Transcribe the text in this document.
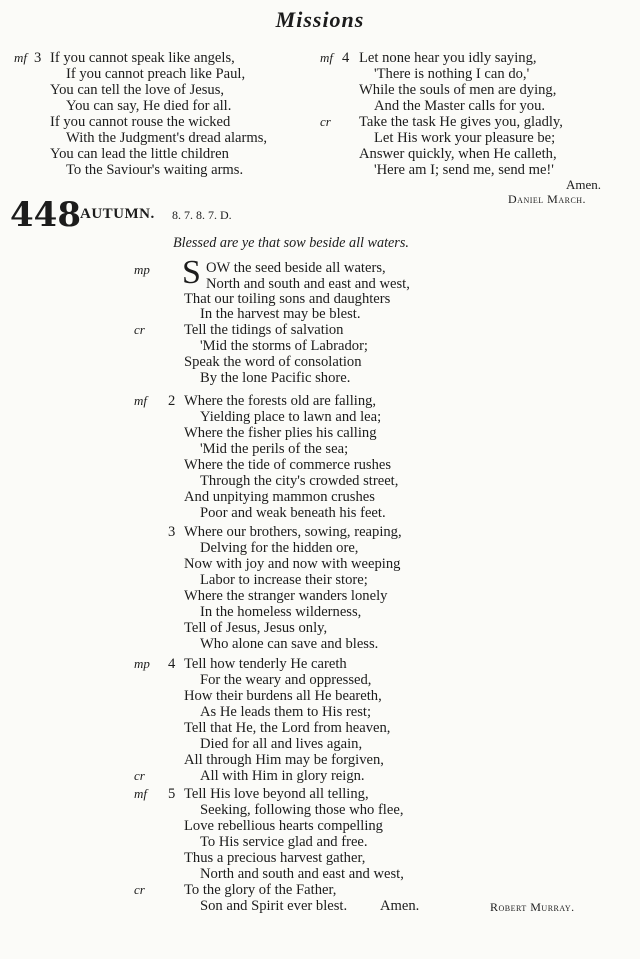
Missions
mf 3 If you cannot speak like angels,
If you cannot preach like Paul,
You can tell the love of Jesus,
You can say, He died for all.
If you cannot rouse the wicked
With the Judgment's dread alarms,
You can lead the little children
To the Saviour's waiting arms.
mf 4 Let none hear you idly saying,
'There is nothing I can do,'
While the souls of men are dying,
And the Master calls for you.
cr Take the task He gives you, gladly,
Let His work your pleasure be;
Answer quickly, when He calleth,
'Here am I; send me, send me!'
Amen.
Daniel March.
448 AUTUMN. 8. 7. 8. 7. D.
Blessed are ye that sow beside all waters.
mp S OW the seed beside all waters,
North and south and east and west,
That our toiling sons and daughters
In the harvest may be blest.
cr	Tell the tidings of salvation
'Mid the storms of Labrador;
Speak the word of consolation
By the lone Pacific shore.
mf 2 Where the forests old are falling,
Yielding place to lawn and lea;
Where the fisher plies his calling
'Mid the perils of the sea;
Where the tide of commerce rushes
Through the city's crowded street,
And unpitying mammon crushes
Poor and weak beneath his feet.
3 Where our brothers, sowing, reaping,
Delving for the hidden ore,
Now with joy and now with weeping
Labor to increase their store;
Where the stranger wanders lonely
In the homeless wilderness,
Tell of Jesus, Jesus only,
Who alone can save and bless.
mp 4 Tell how tenderly He careth
For the weary and oppressed,
How their burdens all He beareth,
As He leads them to His rest;
Tell that He, the Lord from heaven,
Died for all and lives again,
All through Him may be forgiven,
cr	All with Him in glory reign.
mf 5 Tell His love beyond all telling,
Seeking, following those who flee,
Love rebellious hearts compelling
To His service glad and free.
Thus a precious harvest gather,
North and south and east and west,
cr	To the glory of the Father,
Son and Spirit ever blest. Amen.	Robert Murray.
